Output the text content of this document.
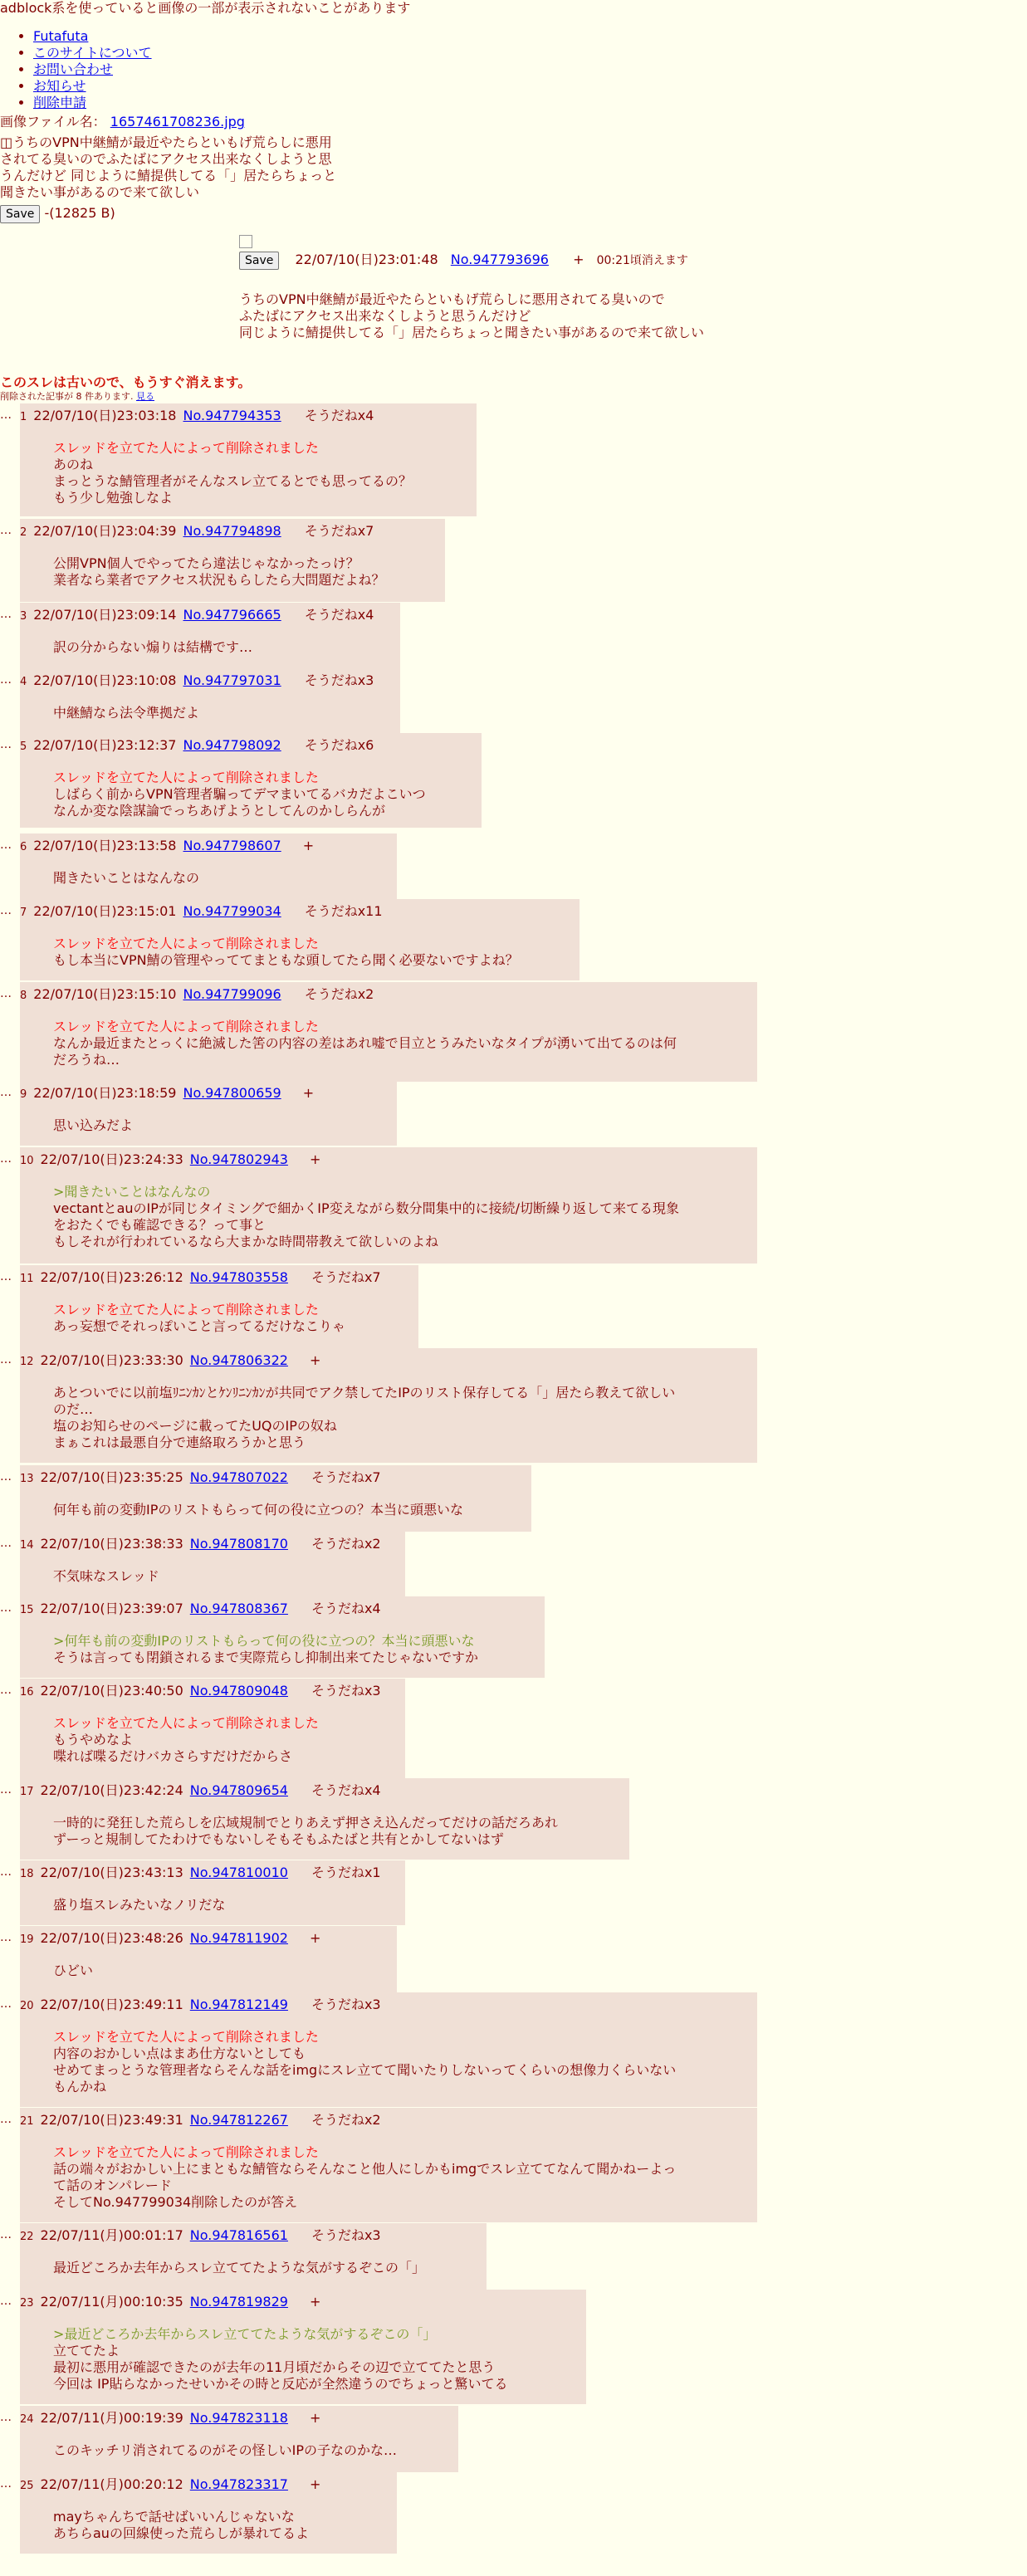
adblock系を使っていると画像の一部が表示されないことがあります
• Futafuta
• このサイトについて
• お問い合わせ
• お知らせ
• 削除申請
画像ファイル名： 1657461708236.jpg
◫うちのVPN中継鯖が最近やたらといもげ荒らしに悪用されてる臭いのでふたばにアクセス出来なくしようと思うんだけど 同じように鯖提供してる「」居たらちょっと聞きたい事があるので来て欲しい
Save -(12825 B)
Save 22/07/10(日)23:01:48 No.947793696 + 00:21頃消えます
うちのVPN中継鯖が最近やたらといもげ荒らしに悪用されてる臭いので
ふたばにアクセス出来なくしようと思うんだけど
同じように鯖提供してる「」居たらちょっと聞きたい事があるので来て欲しい
このスレは古いので、もうすぐ消えます。
削除された記事が 8 件あります. 見る
… 1 22/07/10(日)23:03:18 No.947794353 そうだねx4
スレッドを立てた人によって削除されました
あのね
まっとうな鯖管理者がそんなスレ立てるとでも思ってるの？
もう少し勉強しなよ
… 2 22/07/10(日)23:04:39 No.947794898 そうだねx7
公開VPN個人でやってたら違法じゃなかったっけ？
業者なら業者でアクセス状況もらしたら大問題だよね？
… 3 22/07/10(日)23:09:14 No.947796665 そうだねx4
訳の分からない煽りは結構です…
… 4 22/07/10(日)23:10:08 No.947797031 そうだねx3
中継鯖なら法令準拠だよ
… 5 22/07/10(日)23:12:37 No.947798092 そうだねx6
スレッドを立てた人によって削除されました
しばらく前からVPN管理者騙ってデマまいてるバカだよこいつ
なんか変な陰謀論でっちあげようとしてんのかしらんが
… 6 22/07/10(日)23:13:58 No.947798607 +
聞きたいことはなんなの
… 7 22/07/10(日)23:15:01 No.947799034 そうだねx11
スレッドを立てた人によって削除されました
もし本当にVPN鯖の管理やっててまともな頭してたら聞く必要ないですよね？
… 8 22/07/10(日)23:15:10 No.947799096 そうだねx2
スレッドを立てた人によって削除されました
なんか最近またとっくに絶滅した筈の内容の差はあれ嘘で目立とうみたいなタイプが湧いて出てるのは何
だろうね…
… 9 22/07/10(日)23:18:59 No.947800659 +
思い込みだよ
… 10 22/07/10(日)23:24:33 No.947802943 +
>聞きたいことはなんなの
vectantとauのIPが同じタイミングで細かくIP変えながら数分間集中的に接続/切断繰り返して来てる現象
をおたくでも確認できる？って事と
もしそれが行われているなら大まかな時間帯教えて欲しいのよね
… 11 22/07/10(日)23:26:12 No.947803558 そうだねx7
スレッドを立てた人によって削除されました
あっ妄想でそれっぽいこと言ってるだけなこりゃ
… 12 22/07/10(日)23:33:30 No.947806322 +
あとついでに以前塩ﾘﾆﾝｶﾝとｹﾝﾘﾆﾝｶﾝが共同でアク禁してたIPのリスト保存してる「」居たら教えて欲しい
のだ…
塩のお知らせのページに載ってたUQのIPの奴ね
まぁこれは最悪自分で連絡取ろうかと思う
… 13 22/07/10(日)23:35:25 No.947807022 そうだねx7
何年も前の変動IPのリストもらって何の役に立つの？本当に頭悪いな
… 14 22/07/10(日)23:38:33 No.947808170 そうだねx2
不気味なスレッド
… 15 22/07/10(日)23:39:07 No.947808367 そうだねx4
>何年も前の変動IPのリストもらって何の役に立つの？本当に頭悪いな
そうは言っても閉鎖されるまで実際荒らし抑制出来てたじゃないですか
… 16 22/07/10(日)23:40:50 No.947809048 そうだねx3
スレッドを立てた人によって削除されました
もうやめなよ
喋れば喋るだけバカさらすだけだからさ
… 17 22/07/10(日)23:42:24 No.947809654 そうだねx4
一時的に発狂した荒らしを広域規制でとりあえず押さえ込んだってだけの話だろあれ
ずーっと規制してたわけでもないしそもそもふたばと共有とかしてないはず
… 18 22/07/10(日)23:43:13 No.947810010 そうだねx1
盛り塩スレみたいなノリだな
… 19 22/07/10(日)23:48:26 No.947811902 +
ひどい
… 20 22/07/10(日)23:49:11 No.947812149 そうだねx3
スレッドを立てた人によって削除されました
内容のおかしい点はまあ仕方ないとしても
せめてまっとうな管理者ならそんな話をimgにスレ立てて聞いたりしないってくらいの想像力くらいない
もんかね
… 21 22/07/10(日)23:49:31 No.947812267 そうだねx2
スレッドを立てた人によって削除されました
話の端々がおかしい上にまともな鯖管ならそんなこと他人にしかもimgでスレ立ててなんて聞かねーよっ
て話のオンパレード
そしてNo.947799034削除したのが答え
… 22 22/07/11(月)00:01:17 No.947816561 そうだねx3
最近どころか去年からスレ立ててたような気がするぞこの「」
… 23 22/07/11(月)00:10:35 No.947819829 +
>最近どころか去年からスレ立ててたような気がするぞこの「」
立ててたよ
最初に悪用が確認できたのが去年の11月頃だからその辺で立ててたと思う
今回は IP貼らなかったせいかその時と反応が全然違うのでちょっと驚いてる
… 24 22/07/11(月)00:19:39 No.947823118 +
このキッチリ消されてるのがその怪しいIPの子なのかな…
… 25 22/07/11(月)00:20:12 No.947823317 +
mayちゃんちで話せばいいんじゃないな
あちらauの回線使った荒らしが暴れてるよ
